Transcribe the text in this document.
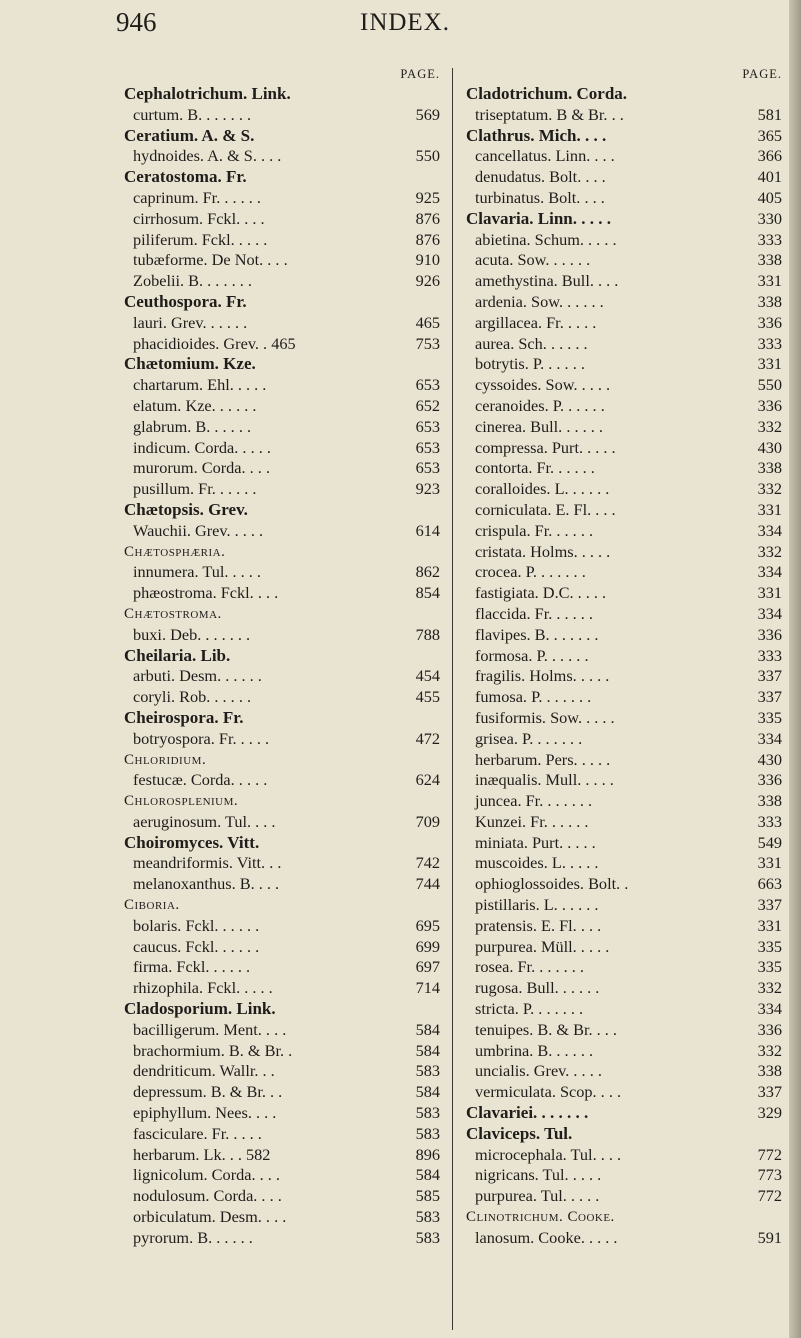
946	INDEX.
PAGE.
Cephalotrichum. Link.
curtum. B. . . . . . .	569
Ceratium. A. & S.
hydnoides. A. & S. . . .	550
Ceratostoma. Fr.
caprinum. Fr. . . . . .	925
cirrhosum. Fckl. . . .	876
piliferum. Fckl. . . . .	876
tubæforme. De Not. . . .	910
Zobelii. B. . . . . . .	926
Ceuthospora. Fr.
lauri. Grev. . . . . .	465
phacidioides. Grev. . 465	753
Chætomium. Kze.
chartarum. Ehl. . . . .	653
elatum. Kze. . . . . .	652
glabrum. B. . . . . .	653
indicum. Corda. . . . .	653
murorum. Corda. . . .	653
pusillum. Fr. . . . . .	923
Chætopsis. Grev.
Wauchii. Grev. . . . .	614
Chætosphæria.
innumera. Tul. . . . .	862
phæostroma. Fckl. . . .	854
Chætostroma.
buxi. Deb. . . . . . .	788
Cheilaria. Lib.
arbuti. Desm. . . . . .	454
coryli. Rob. . . . . .	455
Cheirospora. Fr.
botryospora. Fr. . . . .	472
Chloridium.
festucæ. Corda. . . . .	624
Chlorosplenium.
aeruginosum. Tul. . . .	709
Choiromyces. Vitt.
meandriformis. Vitt. . .	742
melanoxanthus. B. . . .	744
Ciboria.
bolaris. Fckl. . . . . .	695
caucus. Fckl. . . . . .	699
firma. Fckl. . . . . .	697
rhizophila. Fckl. . . . .	714
Cladosporium. Link.
bacilligerum. Ment. . . .	584
brachormium. B. & Br. .	584
dendriticum. Wallr. . .	583
depressum. B. & Br. . .	584
epiphyllum. Nees. . . .	583
fasciculare. Fr. . . . .	583
herbarum. Lk. . . 582	896
lignicolum. Corda. . . .	584
nodulosum. Corda. . . .	585
orbiculatum. Desm. . . .	583
pyrorum. B. . . . . .	583
PAGE.
Cladotrichum. Corda.
triseptatum. B & Br. . .	581
Clathrus. Mich. . . .	365
cancellatus. Linn. . . .	366
denudatus. Bolt. . . .	401
turbinatus. Bolt. . . .	405
Clavaria. Linn. . . . .	330
abietina. Schum. . . . .	333
acuta. Sow. . . . . .	338
amethystina. Bull. . . .	331
ardenia. Sow. . . . . .	338
argillacea. Fr. . . . .	336
aurea. Sch. . . . . .	333
botrytis. P. . . . . .	331
cyssoides. Sow. . . . .	550
ceranoides. P. . . . . .	336
cinerea. Bull. . . . . .	332
compressa. Purt. . . . .	430
contorta. Fr. . . . . .	338
coralloides. L. . . . . .	332
corniculata. E. Fl. . . .	331
crispula. Fr. . . . . .	334
cristata. Holms. . . . .	332
crocea. P. . . . . . .	334
fastigiata. D.C. . . . .	331
flaccida. Fr. . . . . .	334
flavipes. B. . . . . . .	336
formosa. P. . . . . .	333
fragilis. Holms. . . . .	337
fumosa. P. . . . . . .	337
fusiformis. Sow. . . . .	335
grisea. P. . . . . . .	334
herbarum. Pers. . . . .	430
inæqualis. Mull. . . . .	336
juncea. Fr. . . . . . .	338
Kunzei. Fr. . . . . .	333
miniata. Purt. . . . .	549
muscoides. L. . . . .	331
ophioglossoides. Bolt. .	663
pistillaris. L. . . . . .	337
pratensis. E. Fl. . . .	331
purpurea. Müll. . . . .	335
rosea. Fr. . . . . . .	335
rugosa. Bull. . . . . .	332
stricta. P. . . . . . .	334
tenuipes. B. & Br. . . .	336
umbrina. B. . . . . .	332
uncialis. Grev. . . . .	338
vermiculata. Scop. . . .	337
Clavariei. . . . . . .	329
Claviceps. Tul.
microcephala. Tul. . . .	772
nigricans. Tul. . . . .	773
purpurea. Tul. . . . .	772
Clinotrichum. Cooke.
lanosum. Cooke. . . . .	591
